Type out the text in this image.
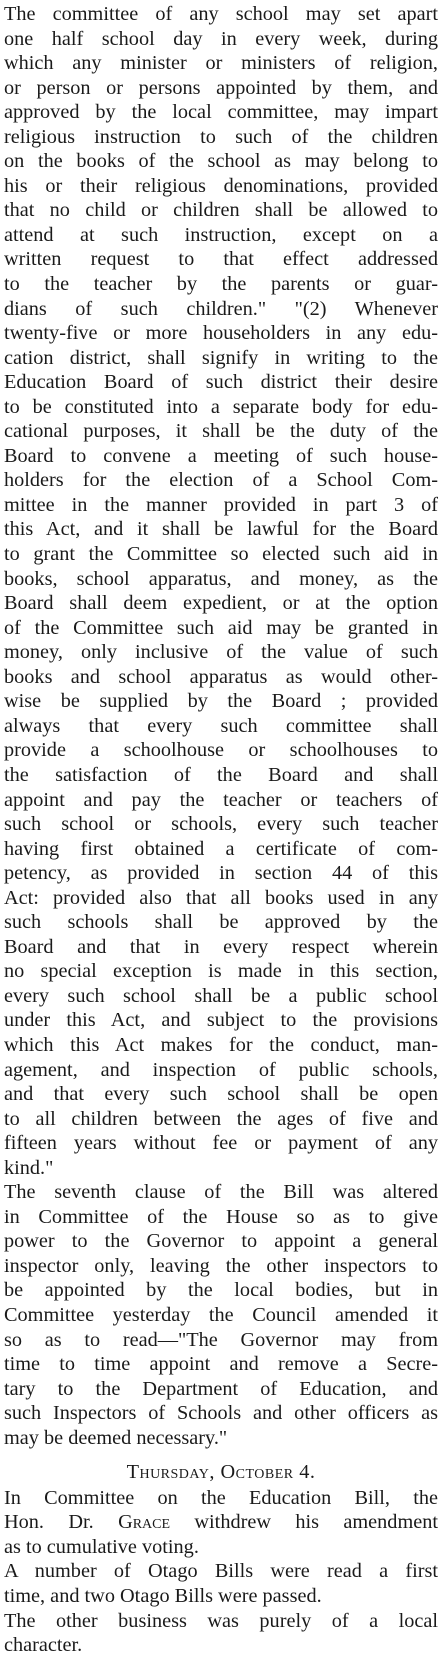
The committee of any school may set apart
one half school day in every week, during
which any minister or ministers of religion,
or person or persons appointed by them, and
approved by the local committee, may impart
religious instruction to such of the children
on the books of the school as may belong to
his or their religious denominations, provided
that no child or children shall be allowed to
attend at such instruction, except on a
written request to that effect addressed
to the teacher by the parents or guar-
dians of such children." "(2) Whenever
twenty-five or more householders in any edu-
cation district, shall signify in writing to the
Education Board of such district their desire
to be constituted into a separate body for edu-
cational purposes, it shall be the duty of the
Board to convene a meeting of such house-
holders for the election of a School Com-
mittee in the manner provided in part 3 of
this Act, and it shall be lawful for the Board
to grant the Committee so elected such aid in
books, school apparatus, and money, as the
Board shall deem expedient, or at the option
of the Committee such aid may be granted in
money, only inclusive of the value of such
books and school apparatus as would other-
wise be supplied by the Board ; provided
always that every such committee shall
provide a schoolhouse or schoolhouses to
the satisfaction of the Board and shall
appoint and pay the teacher or teachers of
such school or schools, every such teacher
having first obtained a certificate of com-
petency, as provided in section 44 of this
Act: provided also that all books used in any
such schools shall be approved by the
Board and that in every respect wherein
no special exception is made in this section,
every such school shall be a public school
under this Act, and subject to the provisions
which this Act makes for the conduct, man-
agement, and inspection of public schools,
and that every such school shall be open
to all children between the ages of five and
fifteen years without fee or payment of any
kind."
The seventh clause of the Bill was altered
in Committee of the House so as to give
power to the Governor to appoint a general
inspector only, leaving the other inspectors to
be appointed by the local bodies, but in
Committee yesterday the Council amended it
so as to read—"The Governor may from
time to time appoint and remove a Secre-
tary to the Department of Education, and
such Inspectors of Schools and other officers as
may be deemed necessary."
Thursday, October 4.
In Committee on the Education Bill, the
Hon. Dr. Grace withdrew his amendment
as to cumulative voting.
A number of Otago Bills were read a first
time, and two Otago Bills were passed.
The other business was purely of a local
character.
